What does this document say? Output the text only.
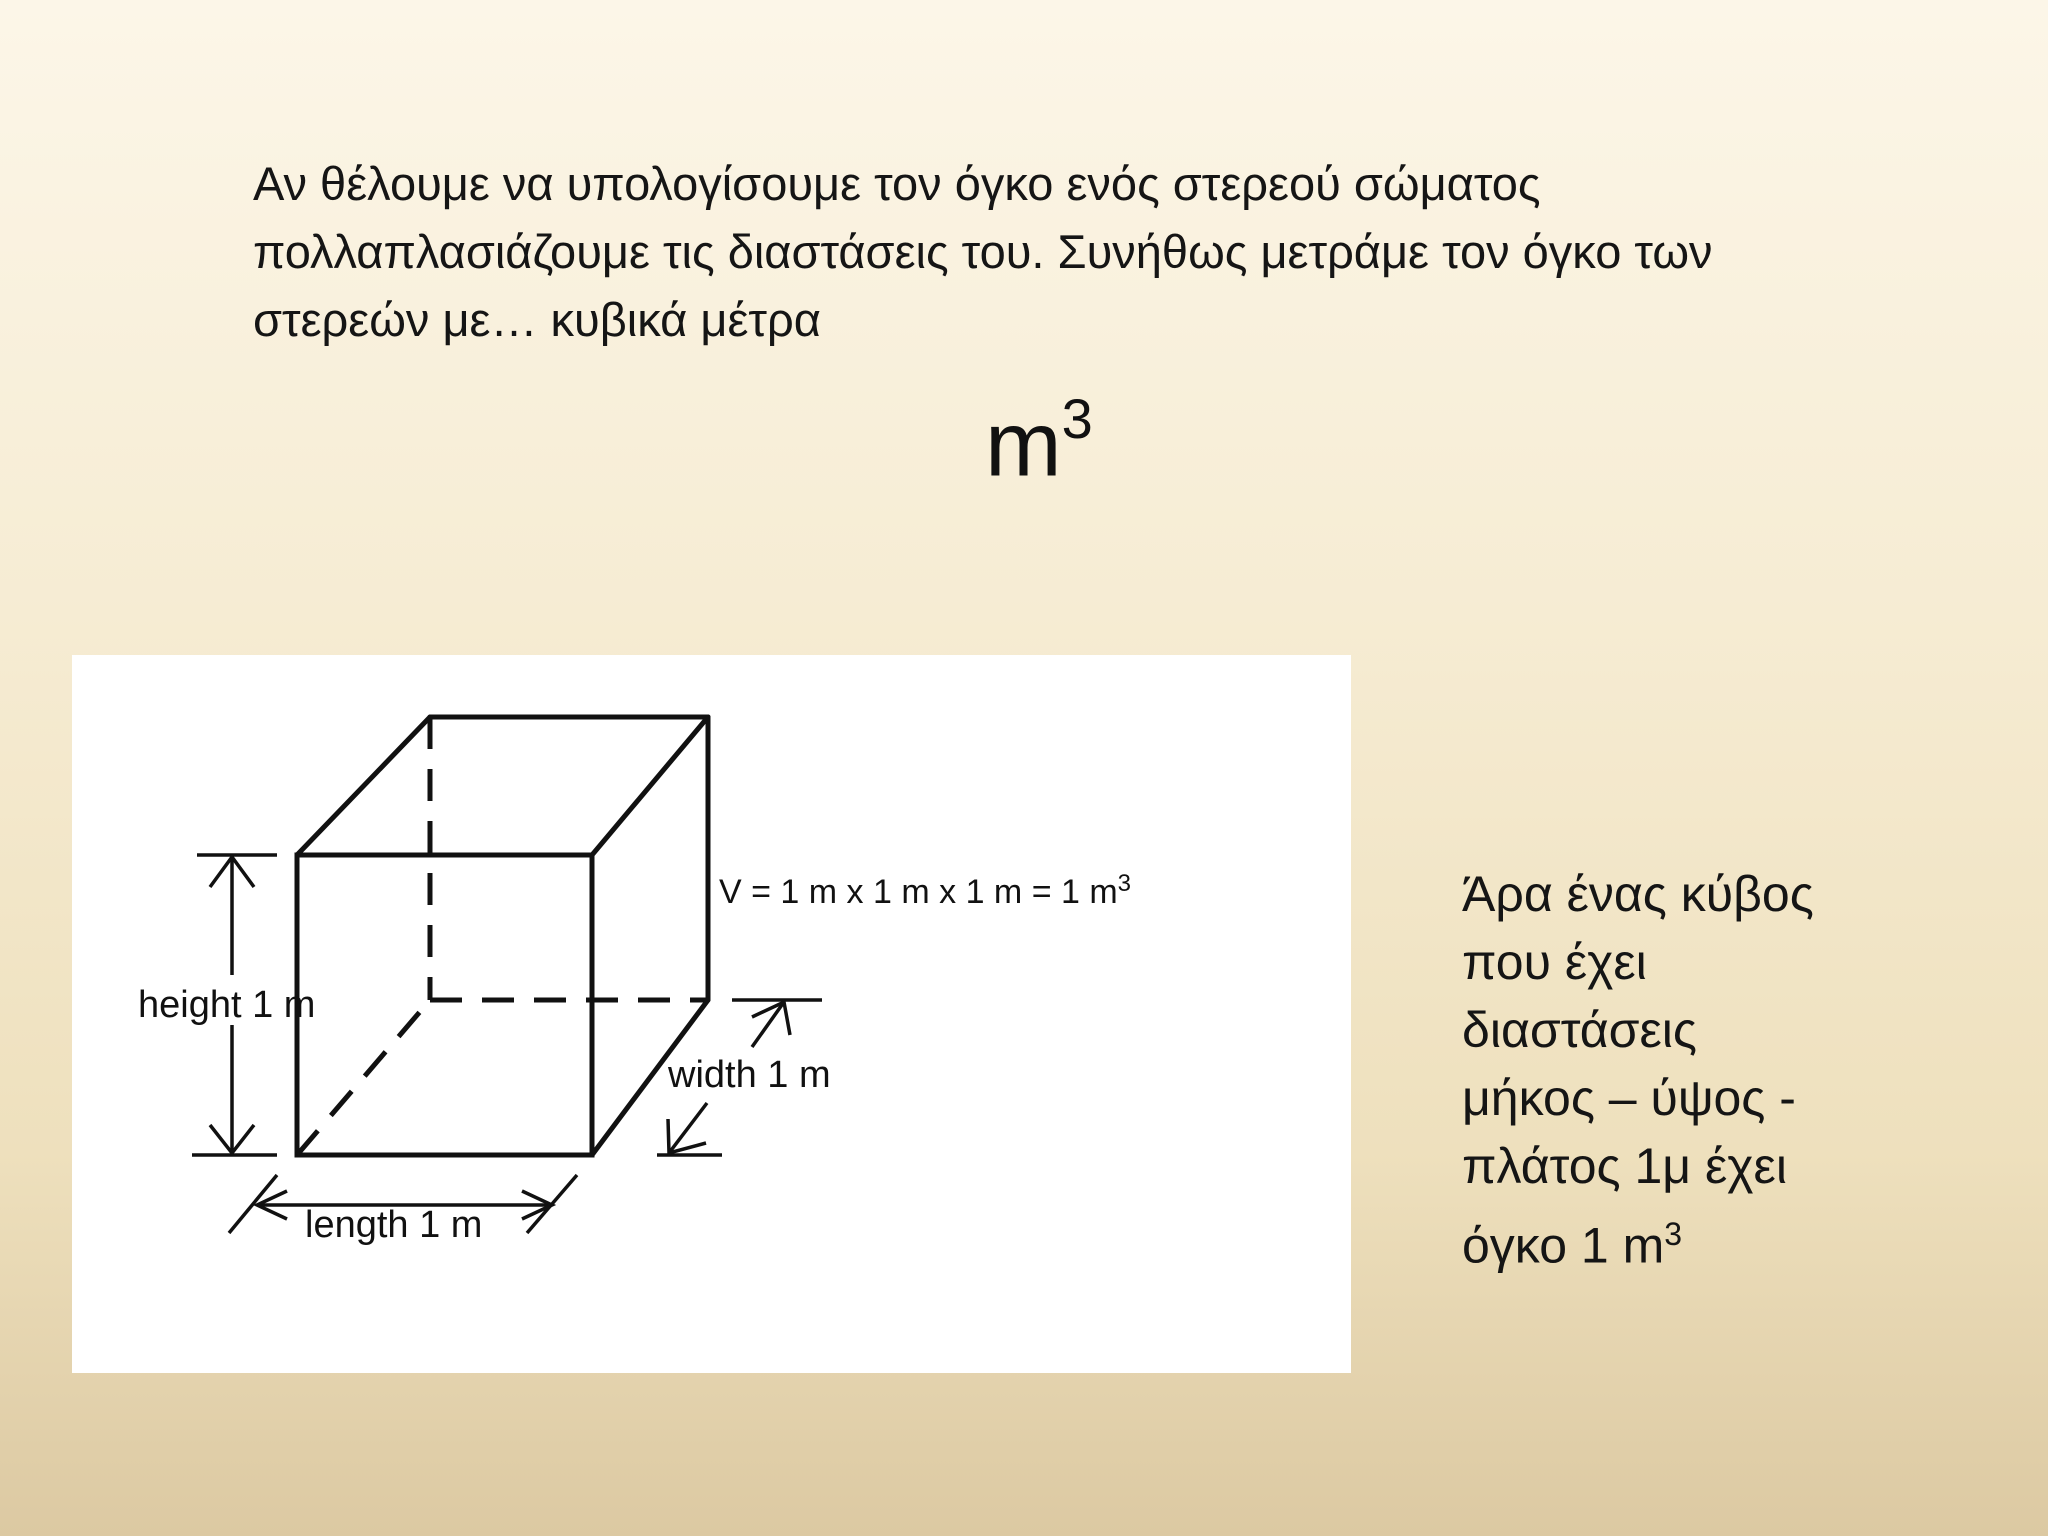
Αν θέλουμε να υπολογίσουμε τον όγκο ενός στερεού σώματος πολλαπλασιάζουμε τις διαστάσεις του. Συνήθως μετράμε τον όγκο των στερεών με… κυβικά μέτρα
$m^3$
height 1 m
width 1 m
length 1 m
V = 1 m x 1 m x 1 m = 1 $m^3$	Άρα ένας κύβος
που έχει
διαστάσεις
μήκος – ύψος -
πλάτος 1μ έχει
όγκο 1 $m^3$
